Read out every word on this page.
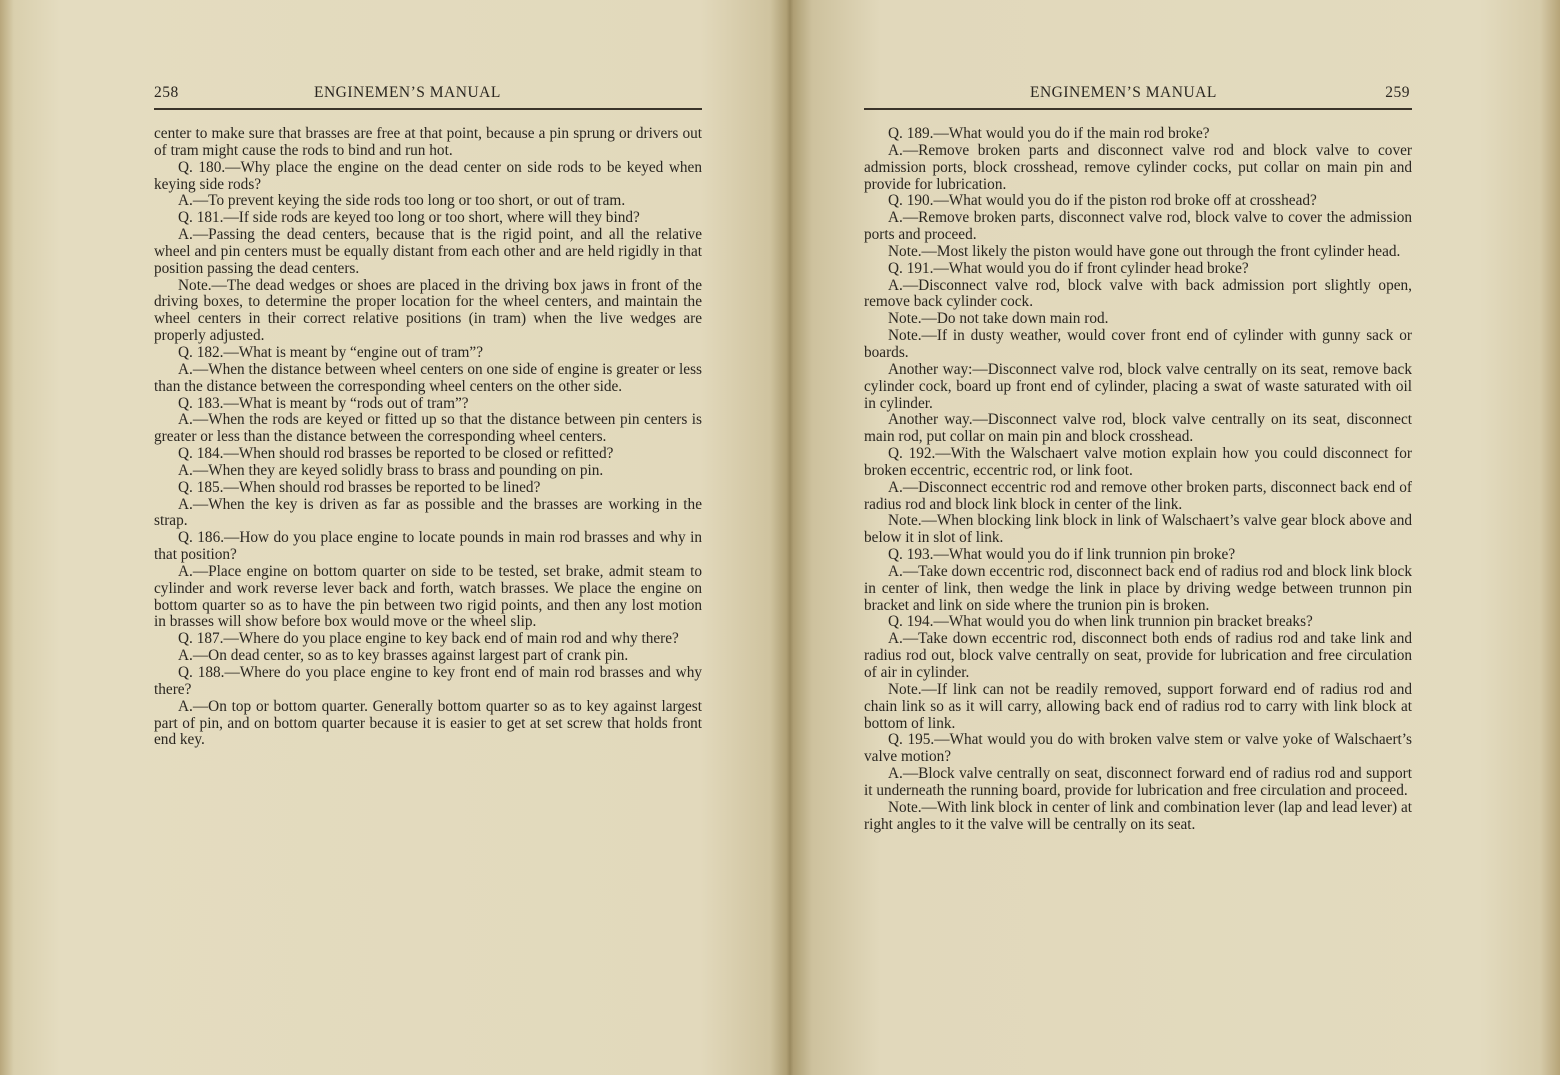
258	ENGINEMEN’S MANUAL

center to make sure that brasses are free at that point, because a pin sprung or drivers out of tram might cause the rods to bind and run hot.

Q. 180.—Why place the engine on the dead center on side rods to be keyed when keying side rods?

A.—To prevent keying the side rods too long or too short, or out of tram.

Q. 181.—If side rods are keyed too long or too short, where will they bind?

A.—Passing the dead centers, because that is the rigid point, and all the relative wheel and pin centers must be equally distant from each other and are held rigidly in that position passing the dead centers.

Note.—The dead wedges or shoes are placed in the driving box jaws in front of the driving boxes, to determine the proper location for the wheel centers, and maintain the wheel centers in their correct relative positions (in tram) when the live wedges are properly adjusted.

Q. 182.—What is meant by “engine out of tram”?

A.—When the distance between wheel centers on one side of engine is greater or less than the distance between the corresponding wheel centers on the other side.

Q. 183.—What is meant by “rods out of tram”?

A.—When the rods are keyed or fitted up so that the distance between pin centers is greater or less than the distance between the corresponding wheel centers.

Q. 184.—When should rod brasses be reported to be closed or refitted?

A.—When they are keyed solidly brass to brass and pounding on pin.

Q. 185.—When should rod brasses be reported to be lined?

A.—When the key is driven as far as possible and the brasses are working in the strap.

Q. 186.—How do you place engine to locate pounds in main rod brasses and why in that position?

A.—Place engine on bottom quarter on side to be tested, set brake, admit steam to cylinder and work reverse lever back and forth, watch brasses. We place the engine on bottom quarter so as to have the pin between two rigid points, and then any lost motion in brasses will show before box would move or the wheel slip.

Q. 187.—Where do you place engine to key back end of main rod and why there?

A.—On dead center, so as to key brasses against largest part of crank pin.

Q. 188.—Where do you place engine to key front end of main rod brasses and why there?

A.—On top or bottom quarter. Generally bottom quarter so as to key against largest part of pin, and on bottom quarter because it is easier to get at set screw that holds front end key.

ENGINEMEN’S MANUAL	259

Q. 189.—What would you do if the main rod broke?

A.—Remove broken parts and disconnect valve rod and block valve to cover admission ports, block crosshead, remove cylinder cocks, put collar on main pin and provide for lubrication.

Q. 190.—What would you do if the piston rod broke off at crosshead?

A.—Remove broken parts, disconnect valve rod, block valve to cover the admission ports and proceed.

Note.—Most likely the piston would have gone out through the front cylinder head.

Q. 191.—What would you do if front cylinder head broke?

A.—Disconnect valve rod, block valve with back admission port slightly open, remove back cylinder cock.

Note.—Do not take down main rod.

Note.—If in dusty weather, would cover front end of cylinder with gunny sack or boards.

Another way:—Disconnect valve rod, block valve centrally on its seat, remove back cylinder cock, board up front end of cylinder, placing a swat of waste saturated with oil in cylinder.

Another way.—Disconnect valve rod, block valve centrally on its seat, disconnect main rod, put collar on main pin and block crosshead.

Q. 192.—With the Walschaert valve motion explain how you could disconnect for broken eccentric, eccentric rod, or link foot.

A.—Disconnect eccentric rod and remove other broken parts, disconnect back end of radius rod and block link block in center of the link.

Note.—When blocking link block in link of Walschaert’s valve gear block above and below it in slot of link.

Q. 193.—What would you do if link trunnion pin broke?

A.—Take down eccentric rod, disconnect back end of radius rod and block link block in center of link, then wedge the link in place by driving wedge between trunnon pin bracket and link on side where the trunion pin is broken.

Q. 194.—What would you do when link trunnion pin bracket breaks?

A.—Take down eccentric rod, disconnect both ends of radius rod and take link and radius rod out, block valve centrally on seat, provide for lubrication and free circulation of air in cylinder.

Note.—If link can not be readily removed, support forward end of radius rod and chain link so as it will carry, allowing back end of radius rod to carry with link block at bottom of link.

Q. 195.—What would you do with broken valve stem or valve yoke of Walschaert’s valve motion?

A.—Block valve centrally on seat, disconnect forward end of radius rod and support it underneath the running board, provide for lubrication and free circulation and proceed.

Note.—With link block in center of link and combination lever (lap and lead lever) at right angles to it the valve will be centrally on its seat.
